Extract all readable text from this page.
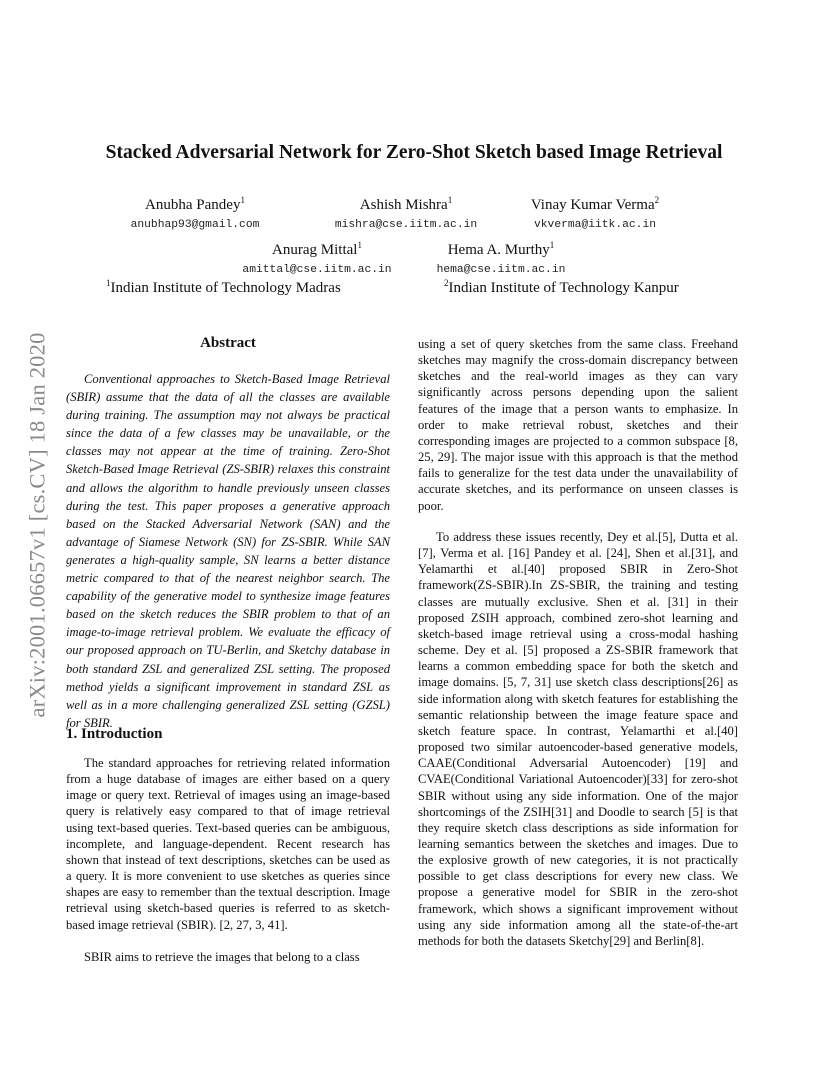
arXiv:2001.06657v1 [cs.CV] 18 Jan 2020
Stacked Adversarial Network for Zero-Shot Sketch based Image Retrieval
Anubha Pandey$^1$
anubhap93@gmail.com
Ashish Mishra$^1$
mishra@cse.iitm.ac.in
Vinay Kumar Verma$^2$
vkverma@iitk.ac.in
Anurag Mittal$^1$
amittal@cse.iitm.ac.in
Hema A. Murthy$^1$
hema@cse.iitm.ac.in
$^1$Indian Institute of Technology Madras	$^2$Indian Institute of Technology Kanpur
Abstract

Conventional approaches to Sketch-Based Image Retrieval (SBIR) assume that the data of all the classes are available during training. The assumption may not always be practical since the data of a few classes may be unavailable, or the classes may not appear at the time of training. Zero-Shot Sketch-Based Image Retrieval (ZS-SBIR) relaxes this constraint and allows the algorithm to handle previously unseen classes during the test. This paper proposes a generative approach based on the Stacked Adversarial Network (SAN) and the advantage of Siamese Network (SN) for ZS-SBIR. While SAN generates a high-quality sample, SN learns a better distance metric compared to that of the nearest neighbor search. The capability of the generative model to synthesize image features based on the sketch reduces the SBIR problem to that of an image-to-image retrieval problem. We evaluate the efficacy of our proposed approach on TU-Berlin, and Sketchy database in both standard ZSL and generalized ZSL setting. The proposed method yields a significant improvement in standard ZSL as well as in a more challenging generalized ZSL setting (GZSL) for SBIR.

1. Introduction

The standard approaches for retrieving related information from a huge database of images are either based on a query image or query text. Retrieval of images using an image-based query is relatively easy compared to that of image retrieval using text-based queries. Text-based queries can be ambiguous, incomplete, and language-dependent. Recent research has shown that instead of text descriptions, sketches can be used as a query. It is more convenient to use sketches as queries since shapes are easy to remember than the textual description. Image retrieval using sketch-based queries is referred to as sketch-based image retrieval (SBIR). [2, 27, 3, 41].

SBIR aims to retrieve the images that belong to a class

using a set of query sketches from the same class. Freehand sketches may magnify the cross-domain discrepancy between sketches and the real-world images as they can vary significantly across persons depending upon the salient features of the image that a person wants to emphasize. In order to make retrieval robust, sketches and their corresponding images are projected to a common subspace [8, 25, 29]. The major issue with this approach is that the method fails to generalize for the test data under the unavailability of accurate sketches, and its performance on unseen classes is poor.

To address these issues recently, Dey et al.[5], Dutta et al. [7], Verma et al. [16] Pandey et al. [24], Shen et al.[31], and Yelamarthi et al.[40] proposed SBIR in Zero-Shot framework(ZS-SBIR).In ZS-SBIR, the training and testing classes are mutually exclusive. Shen et al. [31] in their proposed ZSIH approach, combined zero-shot learning and sketch-based image retrieval using a cross-modal hashing scheme. Dey et al. [5] proposed a ZS-SBIR framework that learns a common embedding space for both the sketch and image domains. [5, 7, 31] use sketch class descriptions[26] as side information along with sketch features for establishing the semantic relationship between the image feature space and sketch feature space. In contrast, Yelamarthi et al.[40] proposed two similar autoencoder-based generative models, CAAE(Conditional Adversarial Autoencoder) [19] and CVAE(Conditional Variational Autoencoder)[33] for zero-shot SBIR without using any side information. One of the major shortcomings of the ZSIH[31] and Doodle to search [5] is that they require sketch class descriptions as side information for learning semantics between the sketches and images. Due to the explosive growth of new categories, it is not practically possible to get class descriptions for every new class. We propose a generative model for SBIR in the zero-shot framework, which shows a significant improvement without using any side information among all the state-of-the-art methods for both the datasets Sketchy[29] and Berlin[8].
